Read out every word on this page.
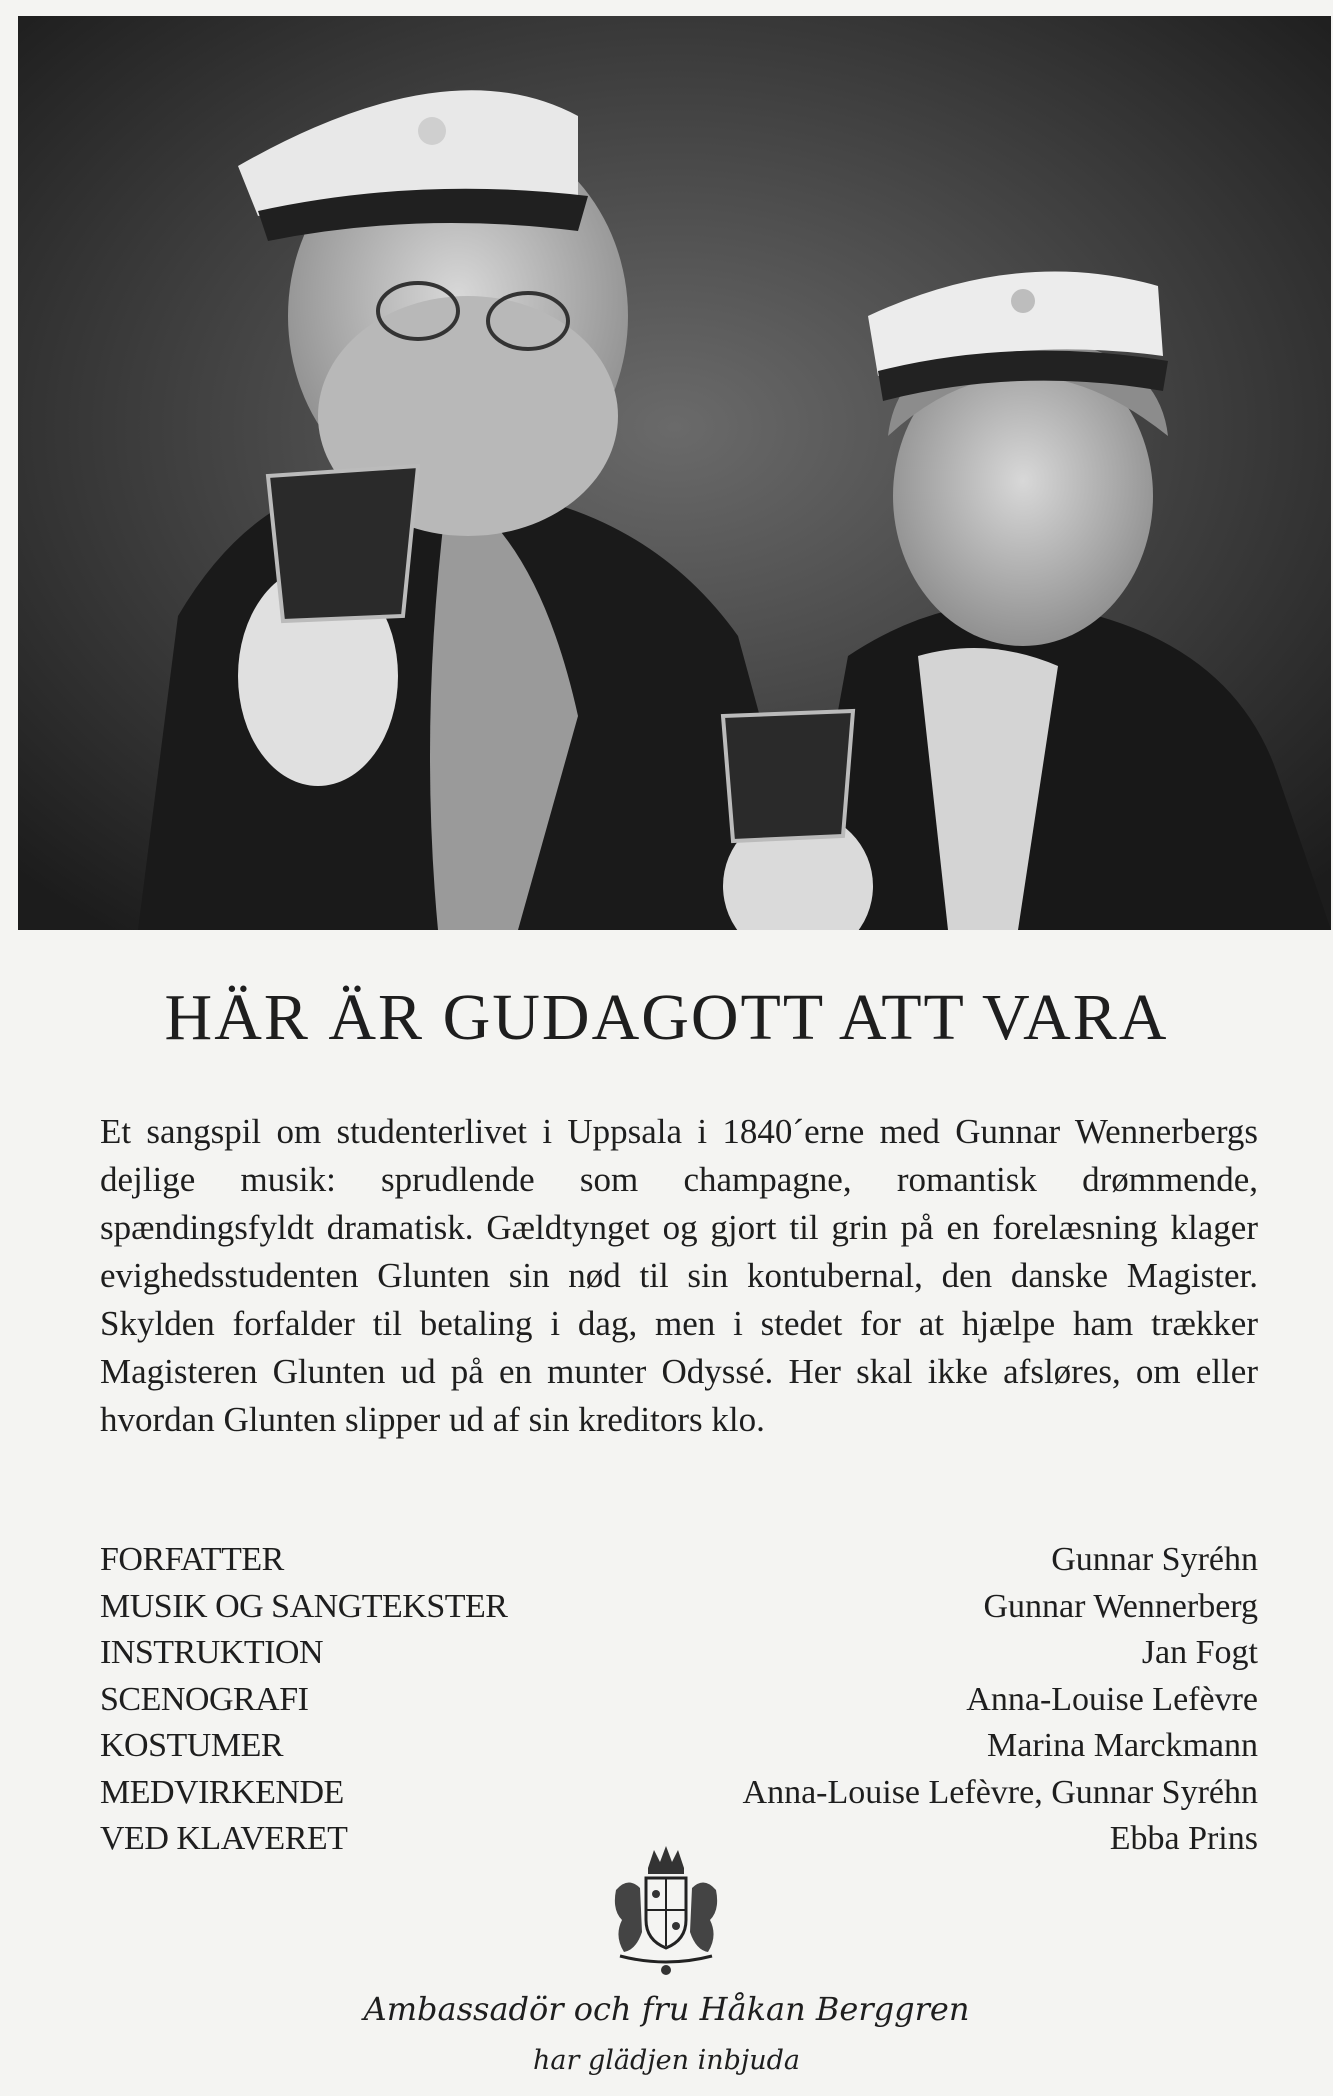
HÄR ÄR GUDAGOTT ATT VARA

Et sangspil om studenterlivet i Uppsala i 1840´erne med Gunnar Wennerbergs dejlige musik: sprudlende som champagne, romantisk drømmende, spændingsfyldt dramatisk. Gældtynget og gjort til grin på en forelæsning klager evighedsstudenten Glunten sin nød til sin kontubernal, den danske Magister. Skylden forfalder til betaling i dag, men i stedet for at hjælpe ham trækker Magisteren Glunten ud på en munter Odyssé. Her skal ikke afsløres, om eller hvordan Glunten slipper ud af sin kreditors klo.

FORFATTER	Gunnar Syréhn
MUSIK OG SANGTEKSTER	Gunnar Wennerberg
INSTRUKTION	Jan Fogt
SCENOGRAFI	Anna-Louise Lefèvre
KOSTUMER	Marina Marckmann
MEDVIRKENDE	Anna-Louise Lefèvre, Gunnar Syréhn
VED KLAVERET	Ebba Prins
Ambassadör och fru Håkan Berggren
har glädjen inbjuda
